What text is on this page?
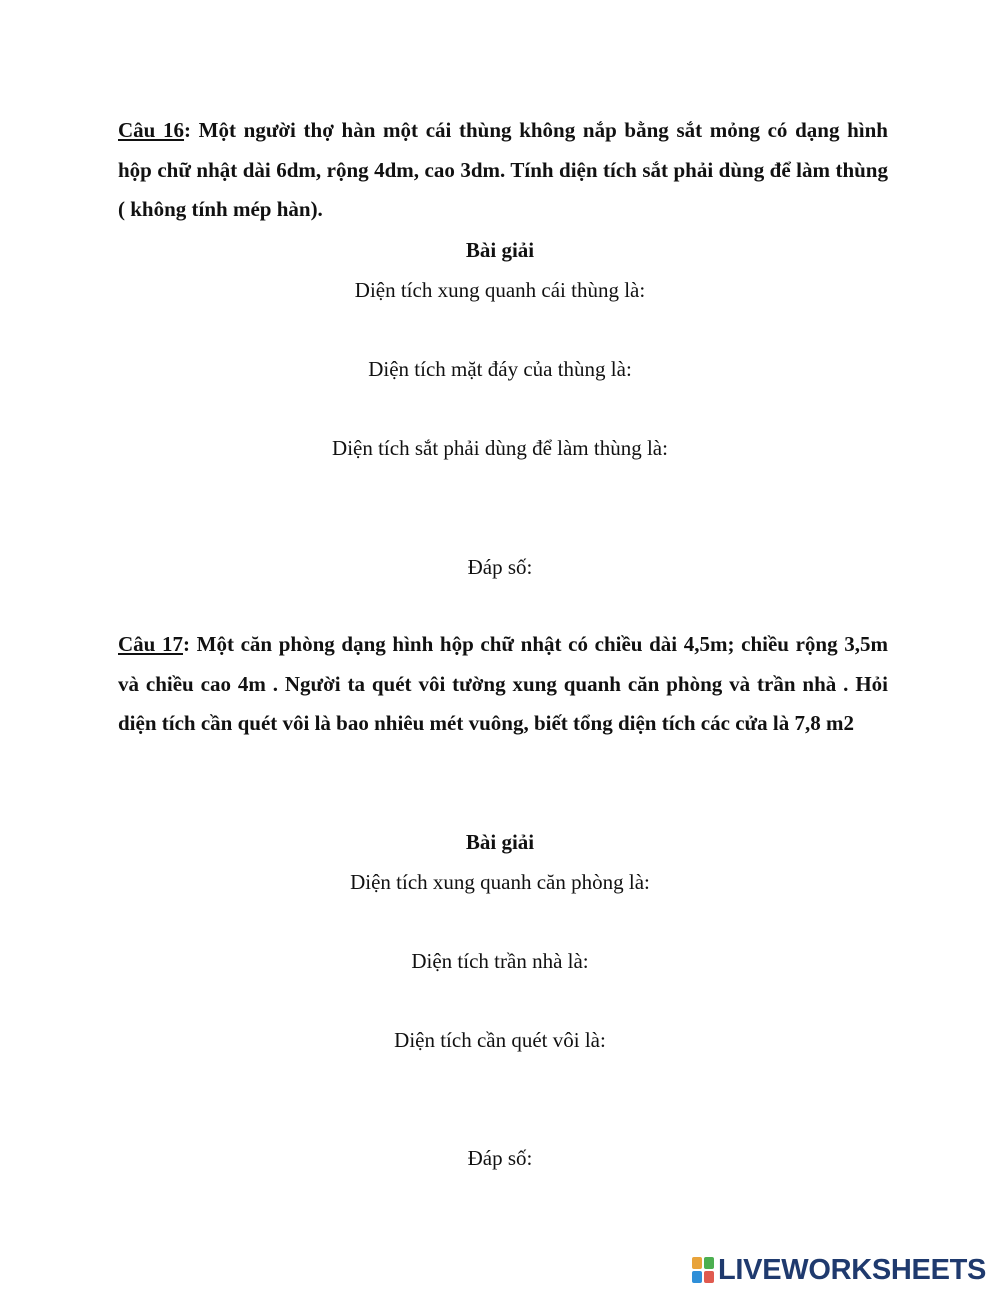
Câu 16: Một người thợ hàn một cái thùng không nắp bằng sắt mỏng có dạng hình hộp chữ nhật dài 6dm, rộng 4dm, cao 3dm. Tính diện tích sắt phải dùng để làm thùng ( không tính mép hàn).

Bài giải

Diện tích xung quanh cái thùng là:

Diện tích mặt đáy của thùng là:

Diện tích sắt phải dùng để làm thùng là:

Đáp số:

Câu 17: Một căn phòng dạng hình hộp chữ nhật có chiều dài 4,5m; chiều rộng 3,5m và chiều cao 4m . Người ta quét vôi tường xung quanh căn phòng và trần nhà . Hỏi diện tích cần quét vôi là bao nhiêu mét vuông, biết tổng diện tích các cửa là 7,8 m2

Bài giải

Diện tích xung quanh căn phòng là:

Diện tích trần nhà là:

Diện tích cần quét vôi là:

Đáp số:

LIVEWORKSHEETS
